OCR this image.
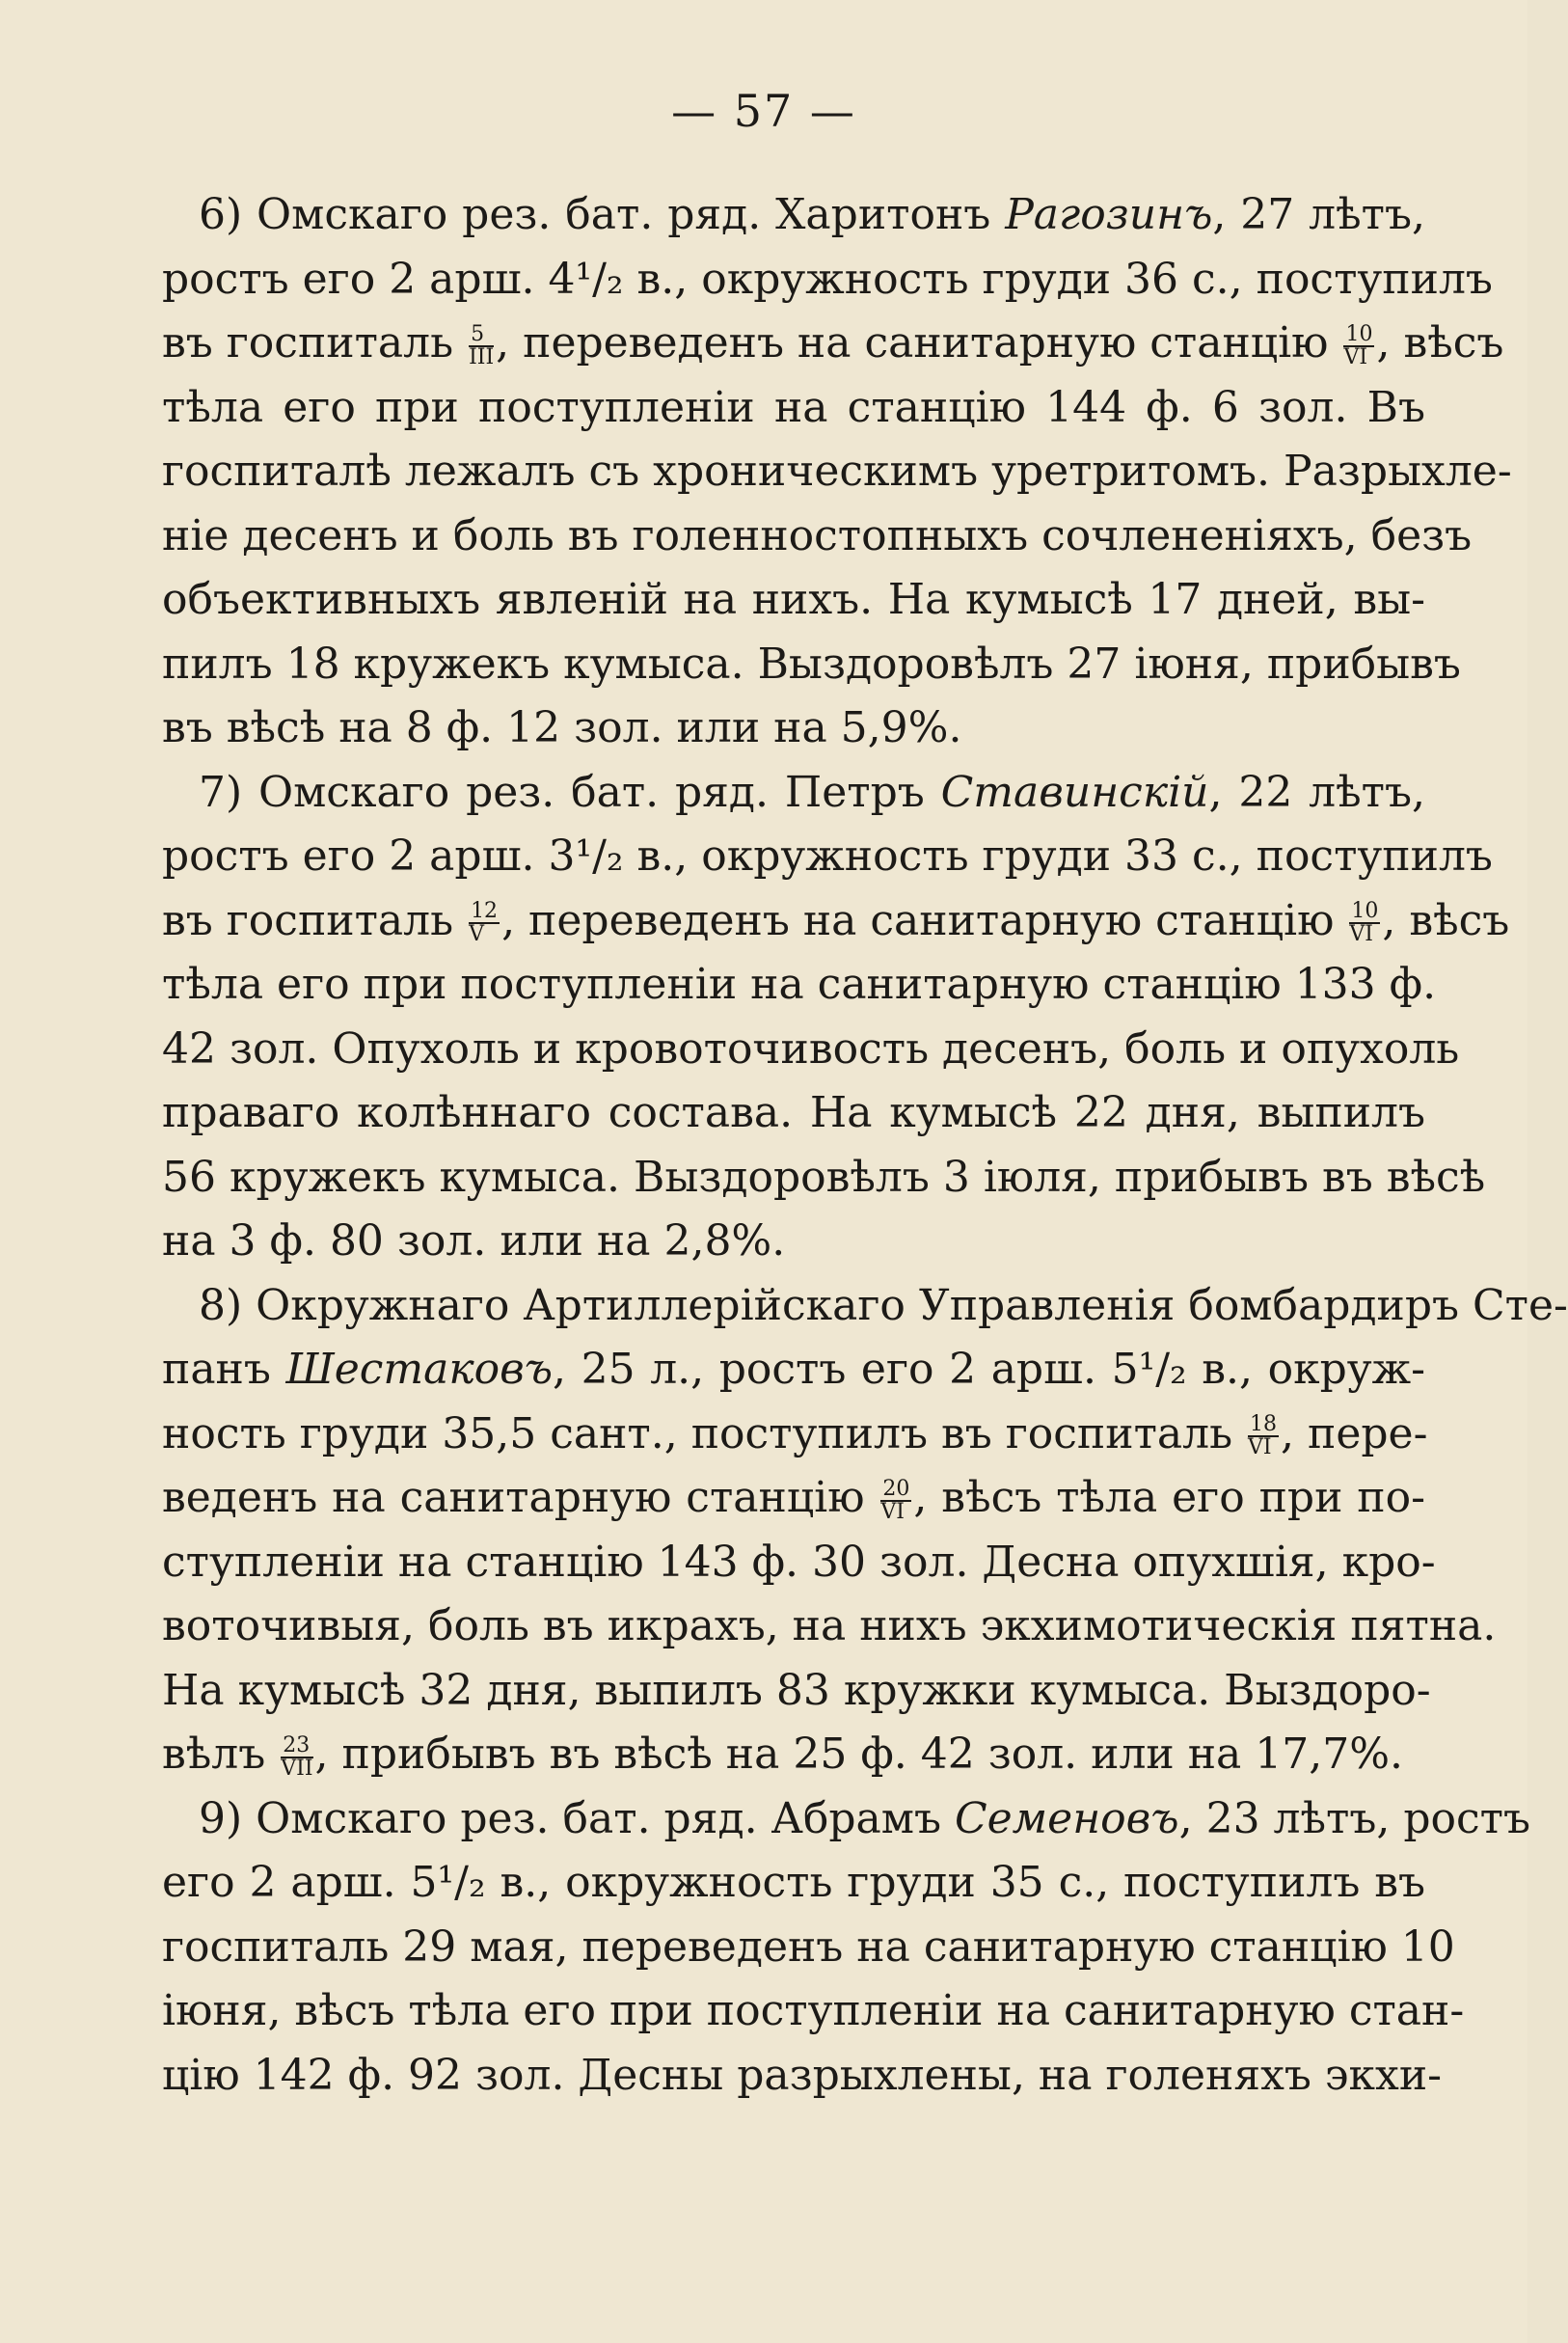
— 57 —
6) Омскаго рез. бат. ряд. Харитонъ Рагозинъ, 27 лѣтъ,
ростъ его 2 арш. 4¹/₂ в., окружность груди 36 с., поступилъ
въ госпиталь $\frac{5}{\text{III}}$ , переведенъ на санитарную станцію $\frac{10}{VI}$ , вѣсъ
тѣла его при поступленіи на станцію 144 ф. 6 зол. Въ
госпиталѣ лежалъ съ хроническимъ уретритомъ. Разрыхле-
ніе десенъ и боль въ голенностопныхъ сочлененіяхъ, безъ
объективныхъ явленій на нихъ. На кумысѣ 17 дней, вы-
пилъ 18 кружекъ кумыса. Выздоровѣлъ 27 іюня, прибывъ
въ вѣсѣ на 8 ф. 12 зол. или на 5,9%.
7) Омскаго рез. бат. ряд. Петръ Ставинскій, 22 лѣтъ,
ростъ его 2 арш. 3¹/₂ в., окружность груди 33 с., поступилъ
въ госпиталь $\frac{12}{V}$ , переведенъ на санитарную станцію $\frac{10}{VI}$ , вѣсъ
тѣла его при поступленіи на санитарную станцію 133 ф.
42 зол. Опухоль и кровоточивость десенъ, боль и опухоль
праваго колѣннаго состава. На кумысѣ 22 дня, выпилъ
56 кружекъ кумыса. Выздоровѣлъ 3 іюля, прибывъ въ вѣсѣ
на 3 ф. 80 зол. или на 2,8%.
8) Окружнаго Артиллерійскаго Управленія бомбардиръ Сте-
панъ Шестаковъ, 25 л., ростъ его 2 арш. 5¹/₂ в., окруж-
ность груди 35,5 сант., поступилъ въ госпиталь $\frac{18}{VI}$ , пере-
веденъ на санитарную станцію $\frac{20}{VI}$ , вѣсъ тѣла его при по-
ступленіи на станцію 143 ф. 30 зол. Десна опухшія, кро-
воточивыя, боль въ икрахъ, на нихъ экхимотическія пятна.
На кумысѣ 32 дня, выпилъ 83 кружки кумыса. Выздоро-
вѣлъ $\frac{23}{\text{VII}}$ , прибывъ въ вѣсѣ на 25 ф. 42 зол. или на 17,7%.
9) Омскаго рез. бат. ряд. Абрамъ Семеновъ, 23 лѣтъ, ростъ
его 2 арш. 5¹/₂ в., окружность груди 35 с., поступилъ въ
госпиталь 29 мая, переведенъ на санитарную станцію 10
іюня, вѣсъ тѣла его при поступленіи на санитарную стан-
цію 142 ф. 92 зол. Десны разрыхлены, на голеняхъ экхи-
